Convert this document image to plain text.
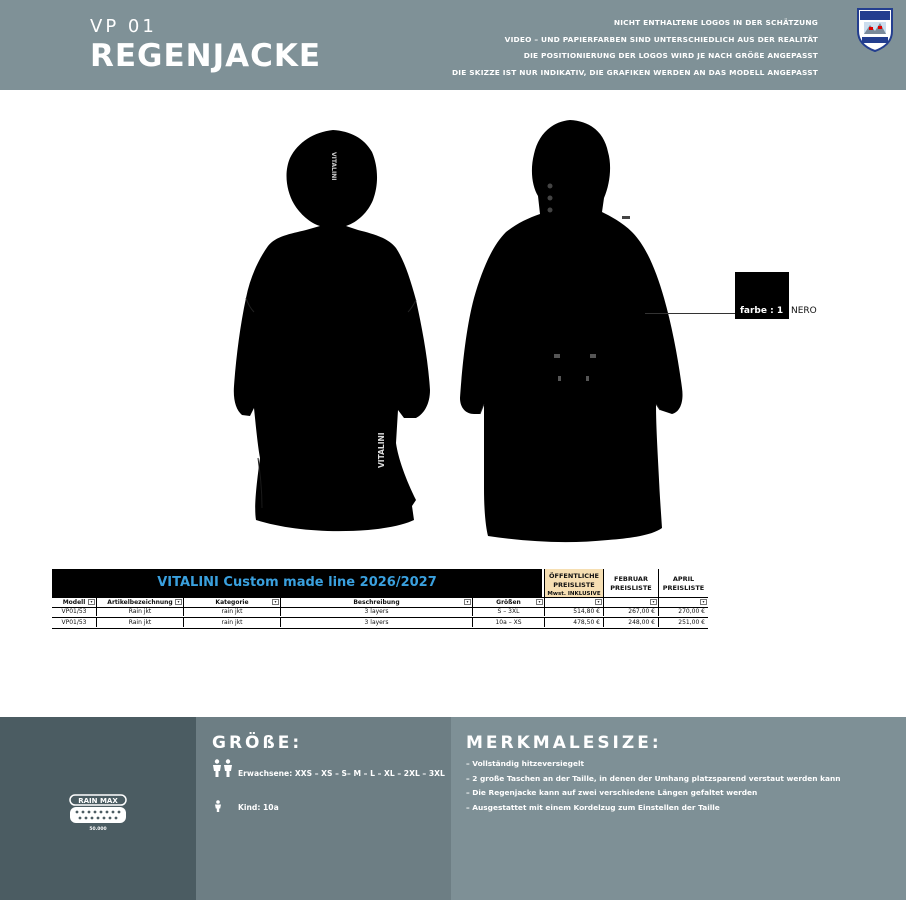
VP 01
REGENJACKE
NICHT ENTHALTENE LOGOS IN DER SCHÄTZUNG
VIDEO – UND PAPIERFARBEN SIND UNTERSCHIEDLICH AUS DER REALITÄT
DIE POSITIONIERUNG DER LOGOS WIRD JE NACH GRÖßE ANGEPASST
DIE SKIZZE IST NUR INDIKATIV, DIE GRAFIKEN WERDEN AN DAS MODELL ANGEPASST
VITALINI
VITALINI
farbe : 1 NERO
VITALINI Custom made line 2026/2027	ÖFFENTLICHE
PREISLISTE
Mwst. INKLUSIVE
FEBRUAR
PREISLISTE
APRIL
PREISLISTE
Modell	▾	Artikelbezeichnung	▾	Kategorie	▾	Beschreibung	▾	Größen	▾	▾	▾	▾
VP01/53	Rain jkt	rain jkt	3 layers	S – 3XL	514,80 €	267,00 €	270,00 €
VP01/53	Rain jkt	rain jkt	3 layers	10a – XS	478,50 €	248,00 €	251,00 €
RAIN MAX
50.000
GRÖßE:
Erwachsene: XXS – XS – S– M – L – XL – 2XL – 3XL
Kind: 10a
MERKMALESIZE:
– Vollständig hitzeversiegelt
– 2 große Taschen an der Taille, in denen der Umhang platzsparend verstaut werden kann
– Die Regenjacke kann auf zwei verschiedene Längen gefaltet werden
– Ausgestattet mit einem Kordelzug zum Einstellen der Taille
